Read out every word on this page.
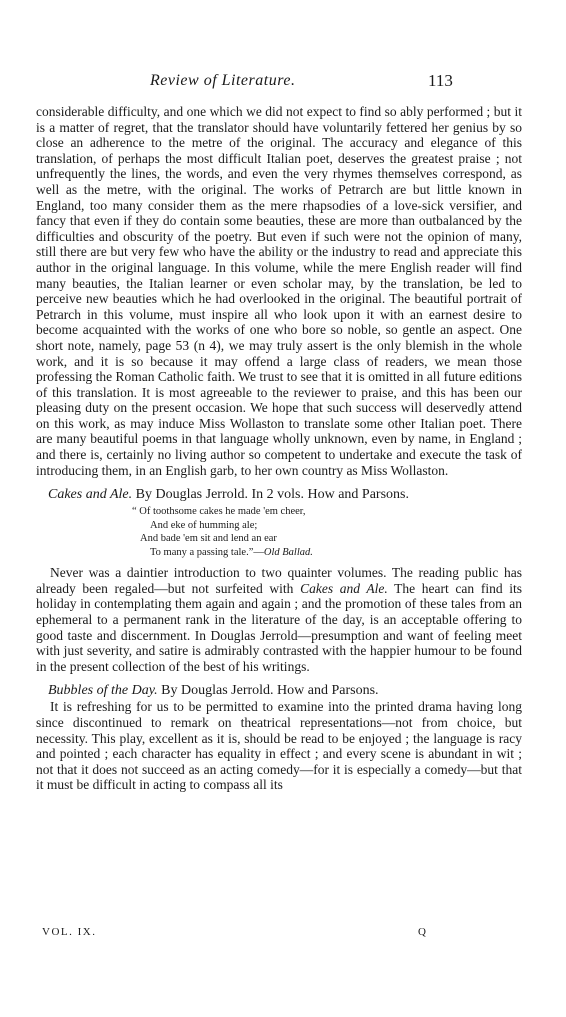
Review of Literature.	113

considerable difficulty, and one which we did not expect to find so ably performed ; but it is a matter of regret, that the translator should have voluntarily fettered her genius by so close an adherence to the metre of the original. The accuracy and elegance of this translation, of perhaps the most difficult Italian poet, deserves the greatest praise ; not unfrequently the lines, the words, and even the very rhymes themselves correspond, as well as the metre, with the original. The works of Petrarch are but little known in England, too many consider them as the mere rhapsodies of a love-sick versifier, and fancy that even if they do contain some beauties, these are more than outbalanced by the difficulties and obscurity of the poetry. But even if such were not the opinion of many, still there are but very few who have the ability or the industry to read and appreciate this author in the original language. In this volume, while the mere English reader will find many beauties, the Italian learner or even scholar may, by the translation, be led to perceive new beauties which he had overlooked in the original. The beautiful portrait of Petrarch in this volume, must inspire all who look upon it with an earnest desire to become acquainted with the works of one who bore so noble, so gentle an aspect. One short note, namely, page 53 (n 4), we may truly assert is the only blemish in the whole work, and it is so because it may offend a large class of readers, we mean those professing the Roman Catholic faith. We trust to see that it is omitted in all future editions of this translation. It is most agreeable to the reviewer to praise, and this has been our pleasing duty on the present occasion. We hope that such success will deservedly attend on this work, as may induce Miss Wollaston to translate some other Italian poet. There are many beautiful poems in that language wholly unknown, even by name, in England ; and there is, certainly no living author so competent to undertake and execute the task of introducing them, in an English garb, to her own country as Miss Wollaston.

Cakes and Ale. By Douglas Jerrold. In 2 vols. How and Parsons.
“ Of toothsome cakes he made 'em cheer,
And eke of humming ale;
And bade 'em sit and lend an ear
To many a passing tale.”—Old Ballad.

Never was a daintier introduction to two quainter volumes. The reading public has already been regaled—but not surfeited with Cakes and Ale. The heart can find its holiday in contemplating them again and again ; and the promotion of these tales from an ephemeral to a permanent rank in the literature of the day, is an acceptable offering to good taste and discernment. In Douglas Jerrold—presumption and want of feeling meet with just severity, and satire is admirably contrasted with the happier humour to be found in the present collection of the best of his writings.

Bubbles of the Day. By Douglas Jerrold. How and Parsons.

It is refreshing for us to be permitted to examine into the printed drama having long since discontinued to remark on theatrical representations—not from choice, but necessity. This play, excellent as it is, should be read to be enjoyed ; the language is racy and pointed ; each character has equality in effect ; and every scene is abundant in wit ; not that it does not succeed as an acting comedy—for it is especially a comedy—but that it must be difficult in acting to compass all its

VOL. IX.	Q
